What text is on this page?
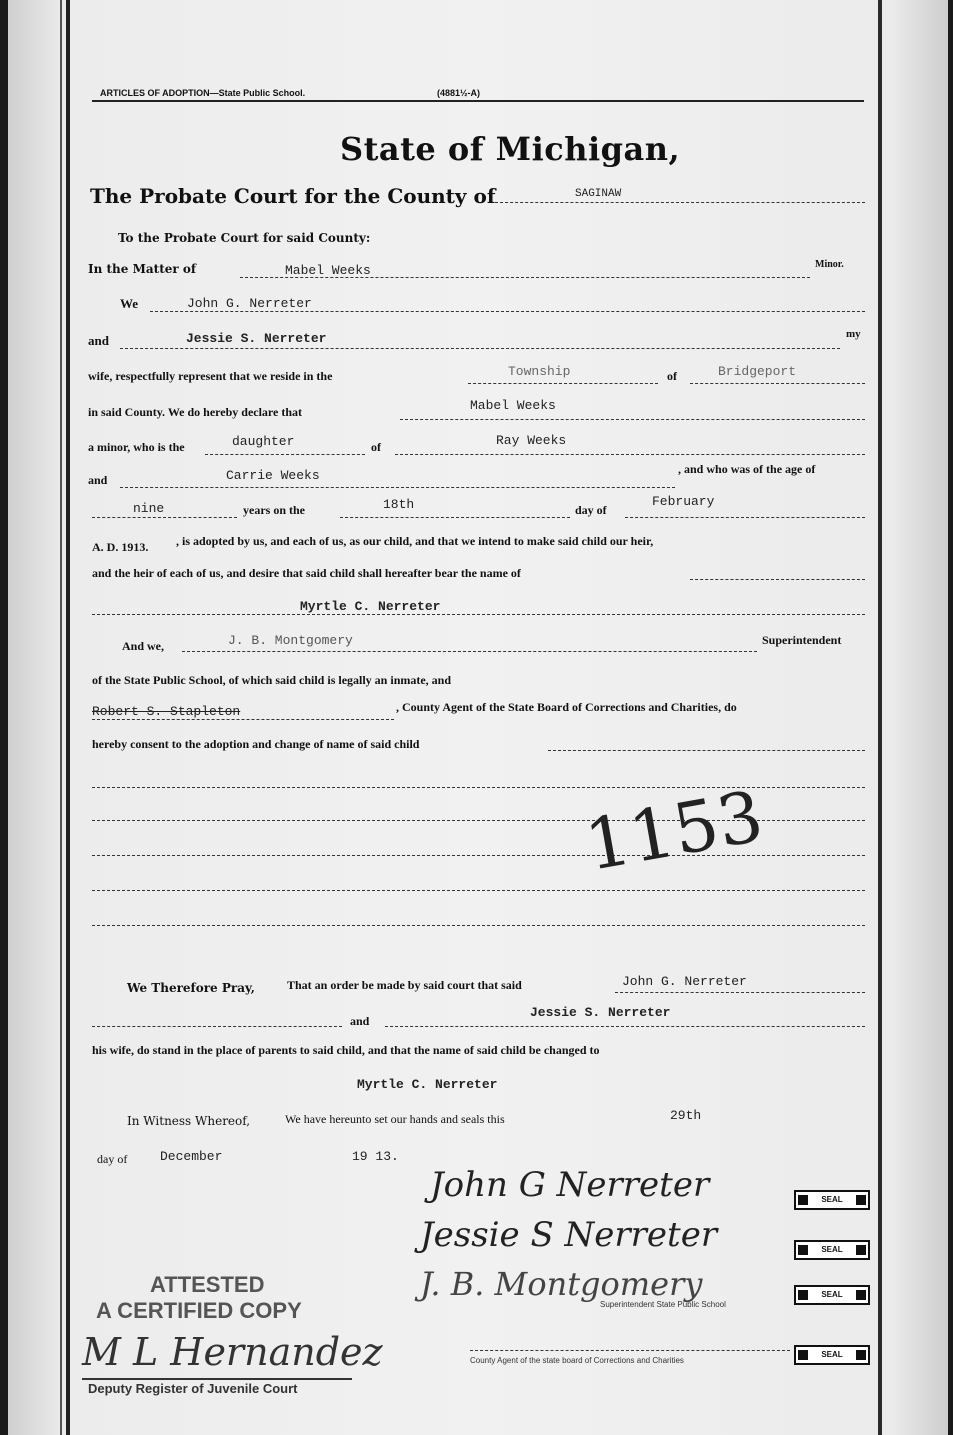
ARTICLES OF ADOPTION—State Public School.	(4881½-A)
State of Michigan,
The Probate Court for the County of	SAGINAW
To the Probate Court for said County:
In the Matter of	Mabel Weeks	Minor.
We	John G. Nerreter
and	Jessie S. Nerreter	my
wife, respectfully represent that we reside in the	Township	of	Bridgeport
in said County. We do hereby declare that	Mabel Weeks
a minor, who is the	daughter	of	Ray Weeks
and	Carrie Weeks	, and who was of the age of
nine	years on the	18th	day of
February
A. D. 1913. , is adopted by us, and each of us, as our child, and that we intend to make said child our heir,
and the heir of each of us, and desire that said child shall hereafter bear the name of
Myrtle C. Nerreter
And we,	J. B. Montgomery	Superintendent
of the State Public School, of which said child is legally an inmate, and
Robert S. Stapleton	, County Agent of the State Board of Corrections and Charities, do
hereby consent to the adoption and change of name of said child
1153
We Therefore Pray,	That an order be made by said court that said	John G. Nerreter
and
Jessie S. Nerreter
his wife, do stand in the place of parents to said child, and that the name of said child be changed to
Myrtle C. Nerreter
In Witness Whereof,	We have hereunto set our hands and seals this	29th
day of	December	19 13.
John G Nerreter
Jessie S Nerreter
J. B. Montgomery
Superintendent State Public School
County Agent of the state board of Corrections and Charities
SEAL
SEAL
SEAL
SEAL
ATTESTED
A CERTIFIED COPY
M L Hernandez
Deputy Register of Juvenile Court
